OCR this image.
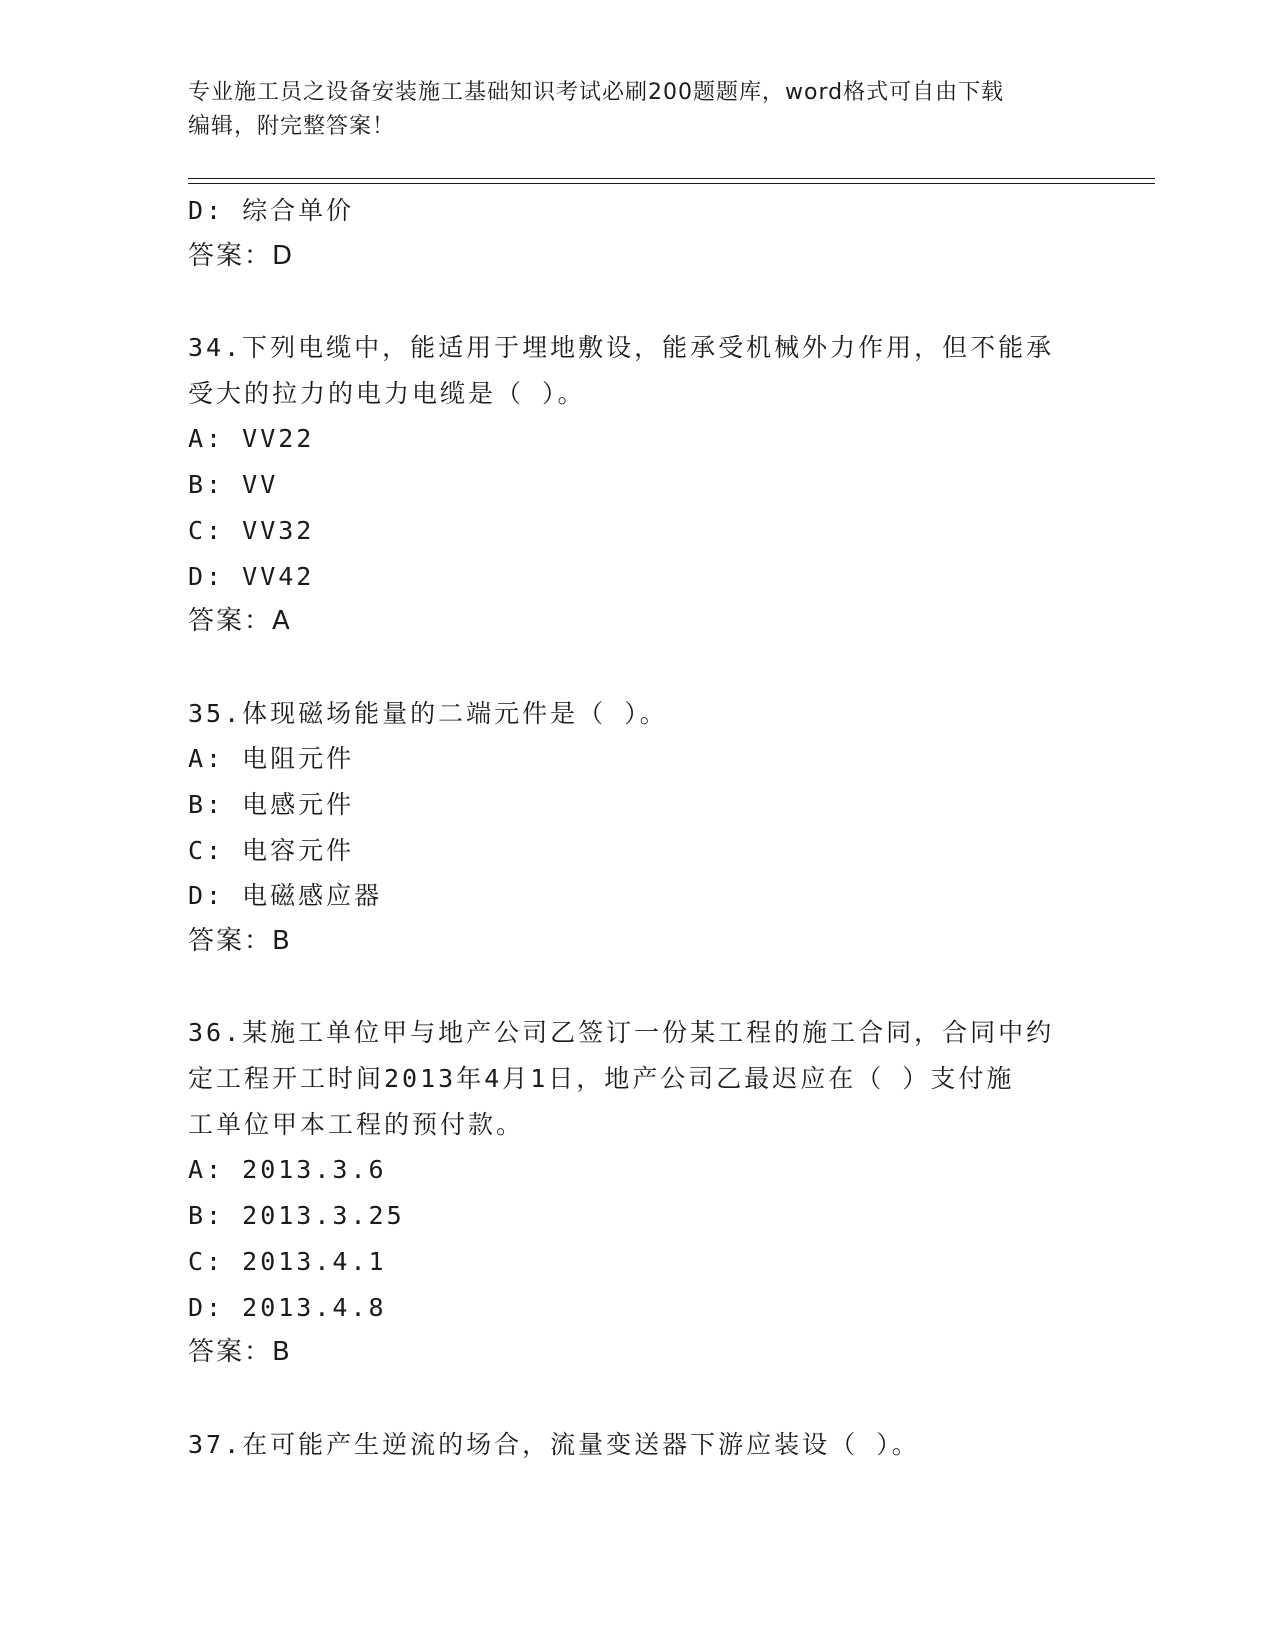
专业施工员之设备安装施工基础知识考试必刷200题题库，word格式可自由下载
编辑，附完整答案！
D: 综合单价
答案：D
34.下列电缆中，能适用于埋地敷设，能承受机械外力作用，但不能承
受大的拉力的电力电缆是（ ）。
A: VV22
B: VV
C: VV32
D: VV42
答案：A
35.体现磁场能量的二端元件是（ ）。
A: 电阻元件
B: 电感元件
C: 电容元件
D: 电磁感应器
答案：B
36.某施工单位甲与地产公司乙签订一份某工程的施工合同，合同中约
定工程开工时间2013年4月1日，地产公司乙最迟应在（ ）支付施
工单位甲本工程的预付款。
A: 2013.3.6
B: 2013.3.25
C: 2013.4.1
D: 2013.4.8
答案：B
37.在可能产生逆流的场合，流量变送器下游应装设（ ）。
